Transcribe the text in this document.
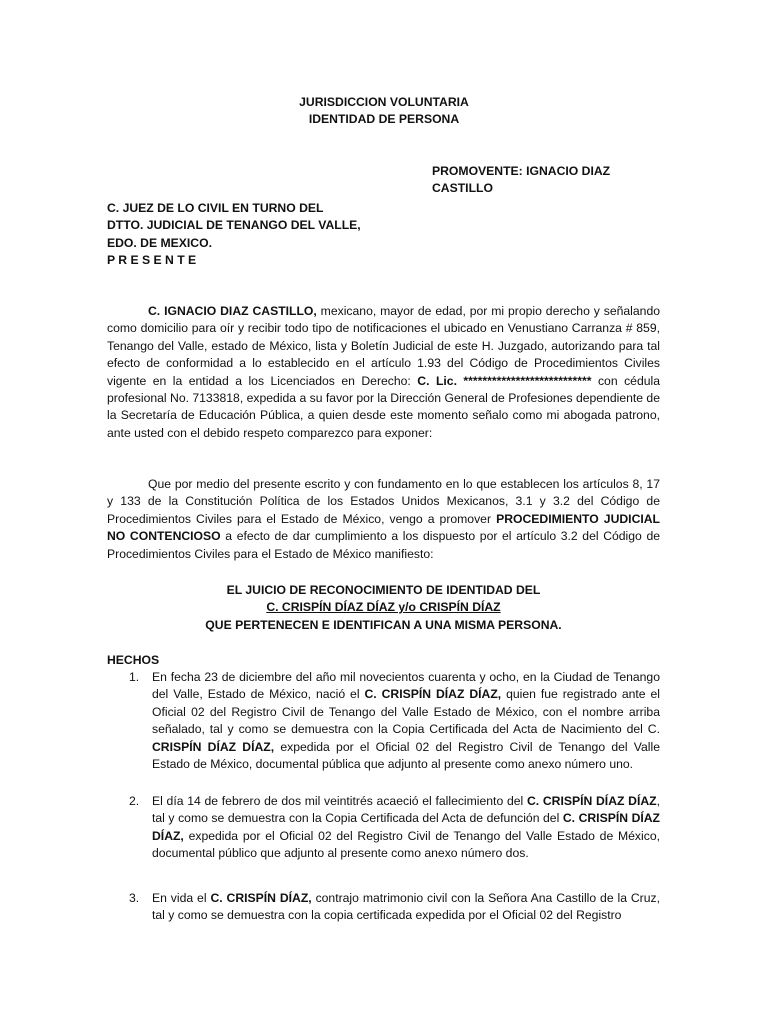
JURISDICCION VOLUNTARIA
IDENTIDAD DE PERSONA
PROMOVENTE: IGNACIO DIAZ CASTILLO
C. JUEZ DE LO CIVIL EN TURNO DEL
DTTO. JUDICIAL DE TENANGO DEL VALLE,
EDO. DE MEXICO.
P R E S E N T E

C. IGNACIO DIAZ CASTILLO, mexicano, mayor de edad, por mi propio derecho y señalando como domicilio para oír y recibir todo tipo de notificaciones el ubicado en Venustiano Carranza # 859, Tenango del Valle, estado de México, lista y Boletín Judicial de este H. Juzgado, autorizando para tal efecto de conformidad a lo establecido en el artículo 1.93 del Código de Procedimientos Civiles vigente en la entidad a los Licenciados en Derecho: C. Lic. *************************** con cédula profesional No. 7133818, expedida a su favor por la Dirección General de Profesiones dependiente de la Secretaría de Educación Pública, a quien desde este momento señalo como mi abogada patrono, ante usted con el debido respeto comparezco para exponer:

Que por medio del presente escrito y con fundamento en lo que establecen los artículos 8, 17 y 133 de la Constitución Política de los Estados Unidos Mexicanos, 3.1 y 3.2 del Código de Procedimientos Civiles para el Estado de México, vengo a promover PROCEDIMIENTO JUDICIAL NO CONTENCIOSO a efecto de dar cumplimiento a los dispuesto por el artículo 3.2 del Código de Procedimientos Civiles para el Estado de México manifiesto:

EL JUICIO DE RECONOCIMIENTO DE IDENTIDAD DEL
C. CRISPÍN DÍAZ DÍAZ y/o CRISPÍN DÍAZ
QUE PERTENECEN E IDENTIFICAN A UNA MISMA PERSONA.
HECHOS
1. En fecha 23 de diciembre del año mil novecientos cuarenta y ocho, en la Ciudad de Tenango del Valle, Estado de México, nació el C. CRISPÍN DÍAZ DÍAZ, quien fue registrado ante el Oficial 02 del Registro Civil de Tenango del Valle Estado de México, con el nombre arriba señalado, tal y como se demuestra con la Copia Certificada del Acta de Nacimiento del C. CRISPÍN DÍAZ DÍAZ, expedida por el Oficial 02 del Registro Civil de Tenango del Valle Estado de México, documental pública que adjunto al presente como anexo número uno.
2. El día 14 de febrero de dos mil veintitrés acaeció el fallecimiento del C. CRISPÍN DÍAZ DÍAZ, tal y como se demuestra con la Copia Certificada del Acta de defunción del C. CRISPÍN DÍAZ DÍAZ, expedida por el Oficial 02 del Registro Civil de Tenango del Valle Estado de México, documental público que adjunto al presente como anexo número dos.
3. En vida el C. CRISPÍN DÍAZ, contrajo matrimonio civil con la Señora Ana Castillo de la Cruz, tal y como se demuestra con la copia certificada expedida por el Oficial 02 del Registro
